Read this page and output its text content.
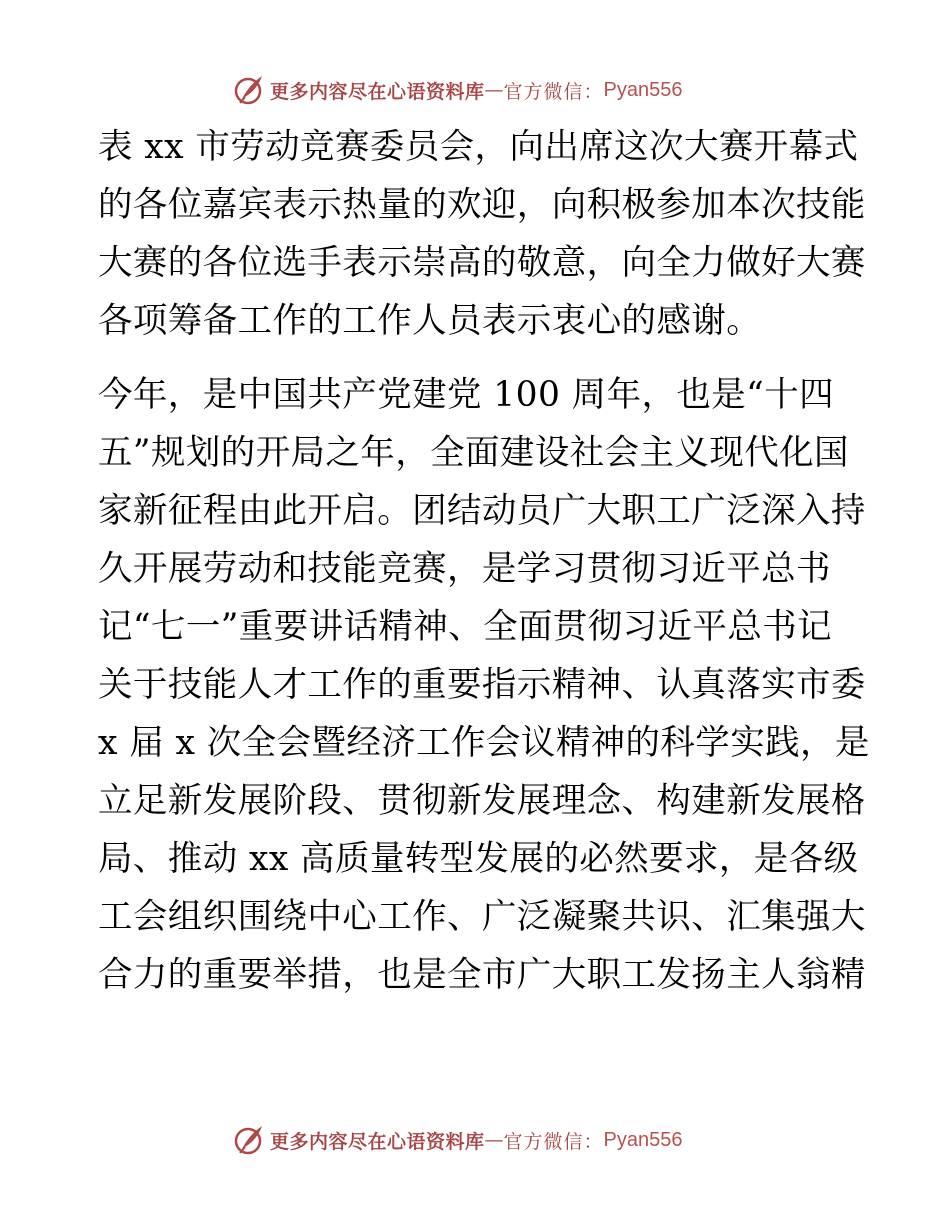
更多内容尽在心语资料库 — 官方微信： Pyan556
表 xx 市劳动竞赛委员会，向出席这次大赛开幕式
的各位嘉宾表示热量的欢迎，向积极参加本次技能
大赛的各位选手表示崇高的敬意，向全力做好大赛
各项筹备工作的工作人员表示衷心的感谢。
今年，是中国共产党建党 100 周年，也是“十四
五”规划的开局之年，全面建设社会主义现代化国
家新征程由此开启。团结动员广大职工广泛深入持
久开展劳动和技能竞赛，是学习贯彻习近平总书
记“七一”重要讲话精神、全面贯彻习近平总书记
关于技能人才工作的重要指示精神、认真落实市委
x 届 x 次全会暨经济工作会议精神的科学实践，是
立足新发展阶段、贯彻新发展理念、构建新发展格
局、推动 xx 高质量转型发展的必然要求，是各级
工会组织围绕中心工作、广泛凝聚共识、汇集强大
合力的重要举措，也是全市广大职工发扬主人翁精
更多内容尽在心语资料库 — 官方微信： Pyan556
